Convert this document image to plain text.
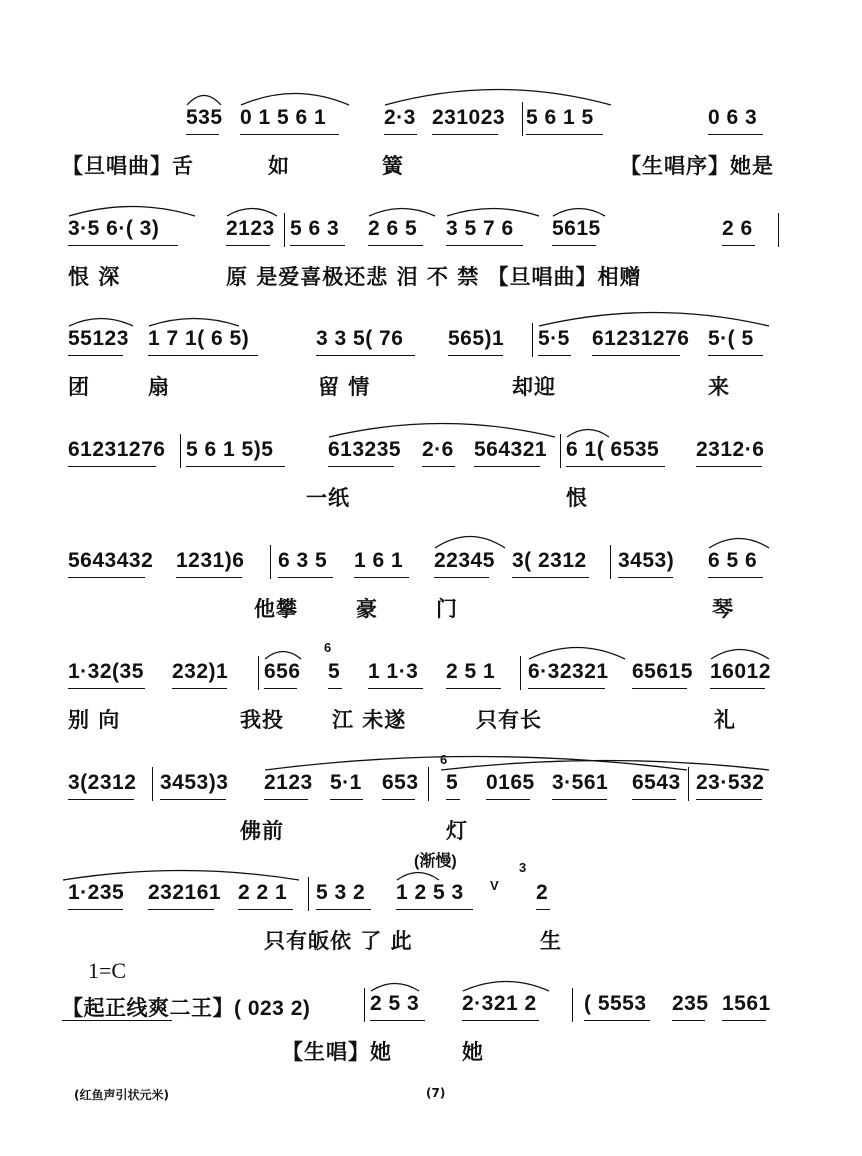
535 0 1 5 6 1	2·3 231023 5 6 1 5	0 6 3
【旦唱曲】舌	如	簧	【生唱序】她是
3·5 6·( 3)	2123 5 6 3 2 6 5 3 5 7 6 5615	2 6
恨 深	原 是爱喜极还悲 泪 不 禁 【旦唱曲】相赠
55123 1 7 1( 6 5)	3 3 5( 76 565)1 5·5 61231276 5·( 5
团	扇	留 情	却迎	来
61231276 5 6 1 5)5	613235 2·6 564321 6 1( 6535 2312·6
一纸	恨
5643432 1231)6 6 3 5 1 6 1 22345 3( 2312 3453) 6 5 6
他攀	豪	门	琴
1·32(35 232)1 656 5 1 1·3 2 5 1 6·32321 65615 16012
别 向	我投 江 未遂	只有长	礼
3(2312 3453)3 2123 5·1 653 5 0165 3·561 6543 23·532
佛前	灯
1·235 232161 2 2 1 5 3 2 1 2 5 3	2
只有皈依 了 此	生
【起正线爽二王】( 023 2)	2 5 3 2·321 2 ( 5553 235 1561
【生唱】她	她
(渐慢)
6
6
3
V
1=C
(红鱼声引状元米)	(7)
